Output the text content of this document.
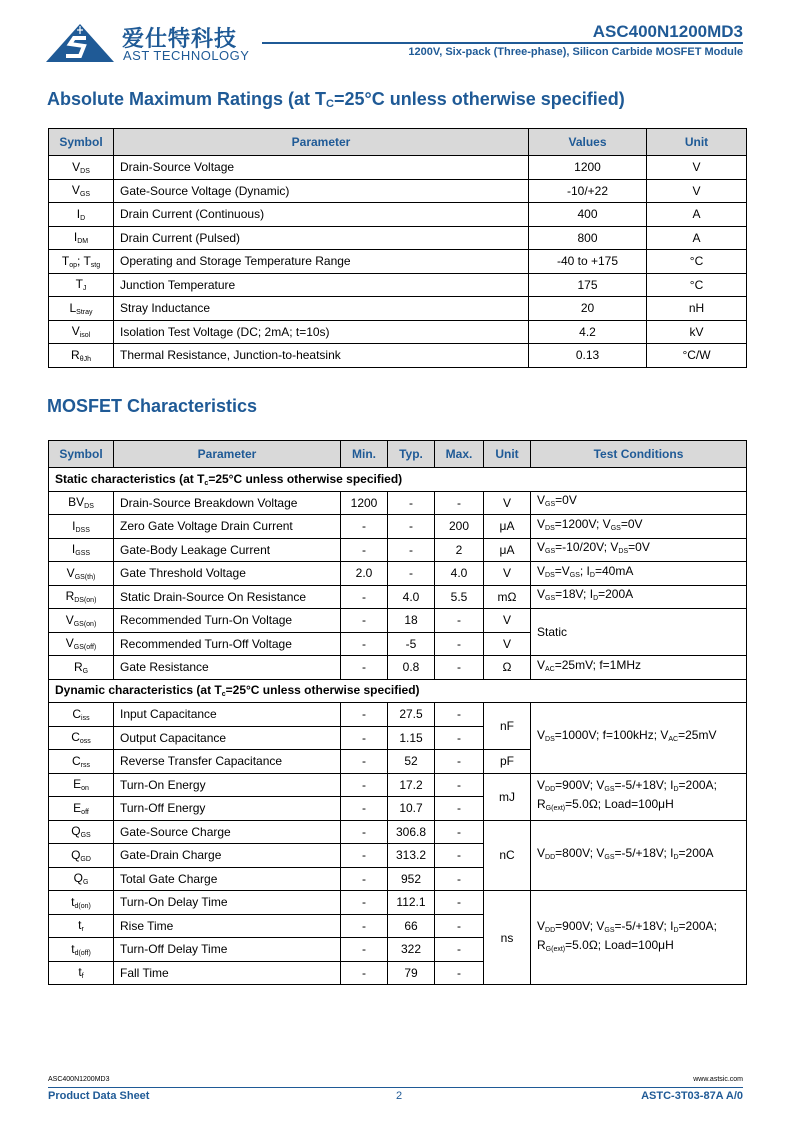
爱仕特科技
AST TECHNOLOGY
ASC400N1200MD3
1200V, Six-pack (Three-phase), Silicon Carbide MOSFET Module
Absolute Maximum Ratings (at $T_C=25^\circ C$ unless otherwise specified)
Symbol	Parameter	Values	Unit
$V_{DS}$	Drain-Source Voltage	1200	V
$V_{GS}$	Gate-Source Voltage (Dynamic)	-10/+22	V
$I_D$	Drain Current (Continuous)	400	A
$I_{DM}$	Drain Current (Pulsed)	800	A
$T_{op}$; $T_{stg}$	Operating and Storage Temperature Range	-40 to +175	°C
$T_J$	Junction Temperature	175	°C
$L_{Stray}$	Stray Inductance	20	nH
$V_{isol}$	Isolation Test Voltage (DC; 2mA; t=10s)	4.2	kV
$R_{\theta Jh}$	Thermal Resistance, Junction-to-heatsink	0.13	°C/W
MOSFET Characteristics
Symbol	Parameter	Min.	Typ.	Max.	Unit	Test Conditions
Static characteristics (at $T_c=25^\circ C$ unless otherwise specified)						
$BV_{DS}$	Drain-Source Breakdown Voltage	1200	-	-	V	$V_{GS}=0V$
$I_{DSS}$	Zero Gate Voltage Drain Current	-	-	200	μA	$V_{DS}=1200V$; $V_{GS}=0V$
$I_{GSS}$	Gate-Body Leakage Current	-	-	2	μA	$V_{GS}=-10/20V$; $V_{DS}=0V$
$V_{GS(th)}$	Gate Threshold Voltage	2.0	-	4.0	V	$V_{DS}=V_{GS}$; $I_D=40mA$
$R_{DS(on)}$	Static Drain-Source On Resistance	-	4.0	5.5	mΩ	$V_{GS}=18V$; $I_D=200A$
$V_{GS(on)}$	Recommended Turn-On Voltage	-	18	-	V	Static
$V_{GS(off)}$	Recommended Turn-Off Voltage	-	-5	-	V	
$R_G$	Gate Resistance	-	0.8	-	Ω	$V_{AC}=25mV$; f=1MHz
Dynamic characteristics (at $T_c=25^\circ C$ unless otherwise specified)						
$C_{iss}$	Input Capacitance	-	27.5	-	nF	$V_{DS}=1000V$; f=100kHz; $V_{AC}=25mV$
$C_{oss}$	Output Capacitance	-	1.15	-		
$C_{rss}$	Reverse Transfer Capacitance	-	52	-	pF	
$E_{on}$	Turn-On Energy	-	17.2	-	mJ	$V_{DD}=900V$; $V_{GS}=-5/+18V$; $I_D=200A$;
$R_{G(ext)}=5.0\Omega$; Load=100μH
$E_{off}$	Turn-Off Energy	-	10.7	-		
$Q_{GS}$	Gate-Source Charge	-	306.8	-	nC	$V_{DD}=800V$; $V_{GS}=-5/+18V$; $I_D=200A$
$Q_{GD}$	Gate-Drain Charge	-	313.2	-		
$Q_G$	Total Gate Charge	-	952	-		
$t_{d(on)}$	Turn-On Delay Time	-	112.1	-	ns	$V_{DD}=900V$; $V_{GS}=-5/+18V$; $I_D=200A$;
$R_{G(ext)}=5.0\Omega$; Load=100μH
$t_r$	Rise Time	-	66	-		
$t_{d(off)}$	Turn-Off Delay Time	-	322	-		
$t_f$	Fall Time	-	79	-		
ASC400N1200MD3	www.astsic.com
Product Data Sheet	2	ASTC-3T03-87A A/0
